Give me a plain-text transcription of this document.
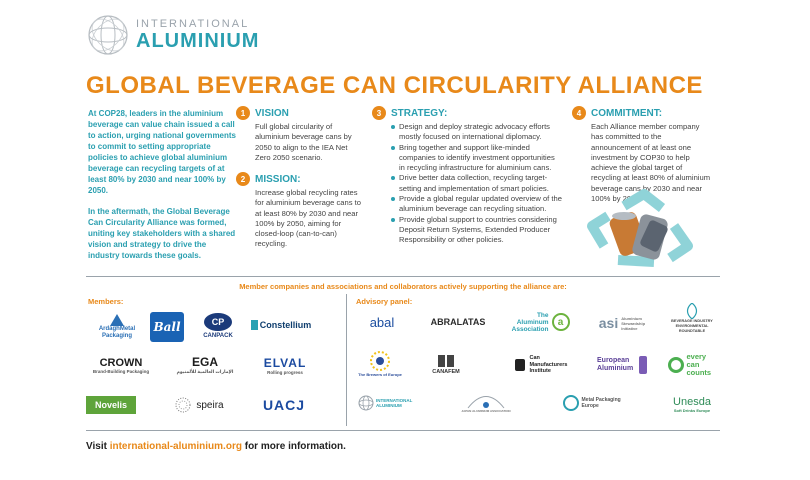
INTERNATIONAL
ALUMINIUM
GLOBAL BEVERAGE CAN CIRCULARITY ALLIANCE

At COP28, leaders in the aluminium beverage can value chain issued a call to action, urging national governments to commit to setting appropriate policies to achieve global aluminium beverage can recycling targets of at least 80% by 2030 and near 100% by 2050.

In the aftermath, the Global Beverage Can Circularity Alliance was formed, uniting key stakeholders with a shared vision and strategy to drive the industry towards these goals.

1 VISION
Full global circularity of aluminium beverage cans by 2050 to align to the IEA Net Zero 2050 scenario.
2 MISSION:
Increase global recycling rates for aluminium beverage cans to at least 80% by 2030 and near 100% by 2050, aiming for closed-loop (can-to-can) recycling.
3 STRATEGY:
Design and deploy strategic advocacy efforts mostly focused on international diplomacy.
Bring together and support like-minded companies to identify investment opportunities in recycling infrastructure for aluminium cans.
Drive better data collection, recycling target-setting and implementation of smart policies.
Provide a global regular updated overview of the aluminium beverage can recycling situation.
Provide global support to countries considering Deposit Return Systems, Extended Producer Responsibility or other policies.
4 COMMITMENT:
Each Alliance member company has committed to the announcement of at least one investment by COP30 to help achieve the global target of recycling at least 80% of aluminium beverage cans by 2030 and near 100% by 2050.
Member companies and associations and collaborators actively supporting the alliance are:
Members:	Advisory panel:
ArdaghMetal Packaging
Ball	CP
CANPACK
Constellium
CROWN
Brand-Building Packaging
EGA
الإمارات العالمية للألمنيوم
ELVAL
Rolling progress
Novelis	speira	UACJ
abal	ABRALATAS
The Aluminum Association
a	asi Aluminium Stewardship Initiative
BEVERAGE INDUSTRY ENVIRONMENTAL ROUNDTABLE
The Brewers of Europe	CANAFEM
Can Manufacturers Institute
European Aluminium
every can counts
INTERNATIONAL ALUMINIUM
JAPAN ALUMINIUM ASSOCIATION
Metal Packaging Europe	Unesda
Soft Drinks Europe
Visit international-aluminium.org for more information.
